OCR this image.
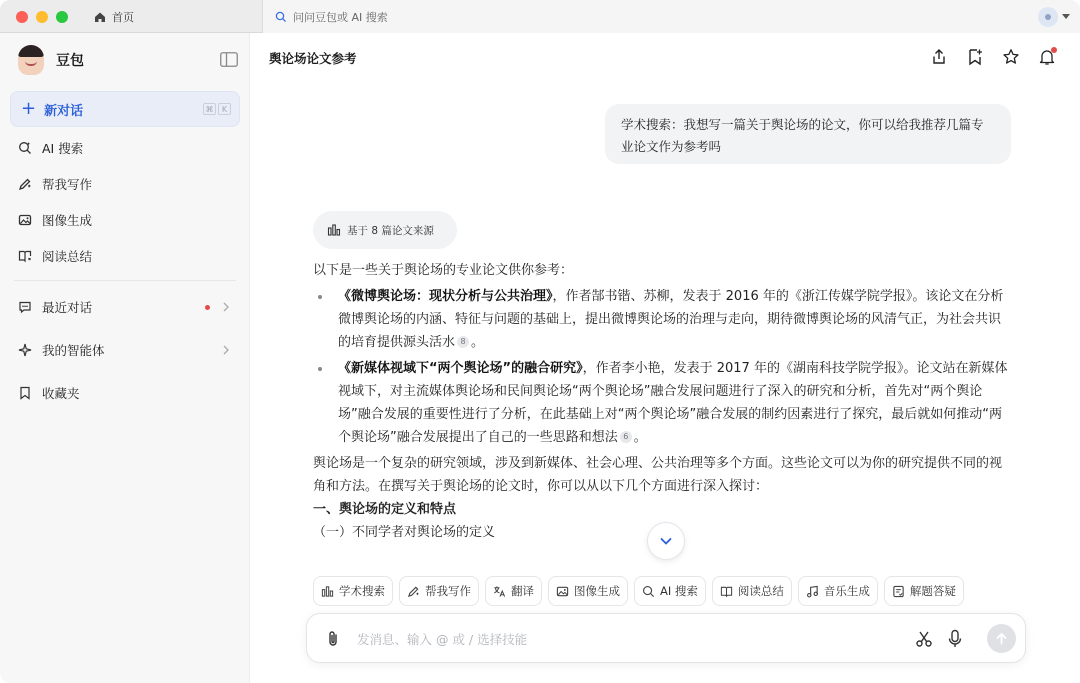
首页	问问豆包或 AI 搜索
豆包
+ 新对话	⌘	K
AI 搜索
帮我写作
图像生成
阅读总结
最近对话
我的智能体
收藏夹
舆论场论文参考
学术搜索：我想写一篇关于舆论场的论文，你可以给我推荐几篇专业论文作为参考吗
基于 8 篇论文来源

以下是一些关于舆论场的专业论文供你参考：

《微博舆论场：现状分析与公共治理》，作者郜书锴、苏柳，发表于 2016 年的《浙江传媒学院学报》。该论文在分析微博舆论场的内涵、特征与问题的基础上，提出微博舆论场的治理与走向，期待微博舆论场的风清气正，为社会共识的培育提供源头活水 8 。
《新媒体视域下“两个舆论场”的融合研究》，作者李小艳，发表于 2017 年的《湖南科技学院学报》。论文站在新媒体视域下，对主流媒体舆论场和民间舆论场“两个舆论场”融合发展问题进行了深入的研究和分析，首先对“两个舆论场”融合发展的重要性进行了分析，在此基础上对“两个舆论场”融合发展的制约因素进行了探究，最后就如何推动“两个舆论场”融合发展提出了自己的一些思路和想法 6 。

舆论场是一个复杂的研究领域，涉及到新媒体、社会心理、公共治理等多个方面。这些论文可以为你的研究提供不同的视角和方法。在撰写关于舆论场的论文时，你可以从以下几个方面进行深入探讨：

一、舆论场的定义和特点

（一）不同学者对舆论场的定义

学术搜索	帮我写作	翻译	图像生成	AI 搜索	阅读总结	音乐生成	解题答疑
发消息、输入 @ 或 / 选择技能
